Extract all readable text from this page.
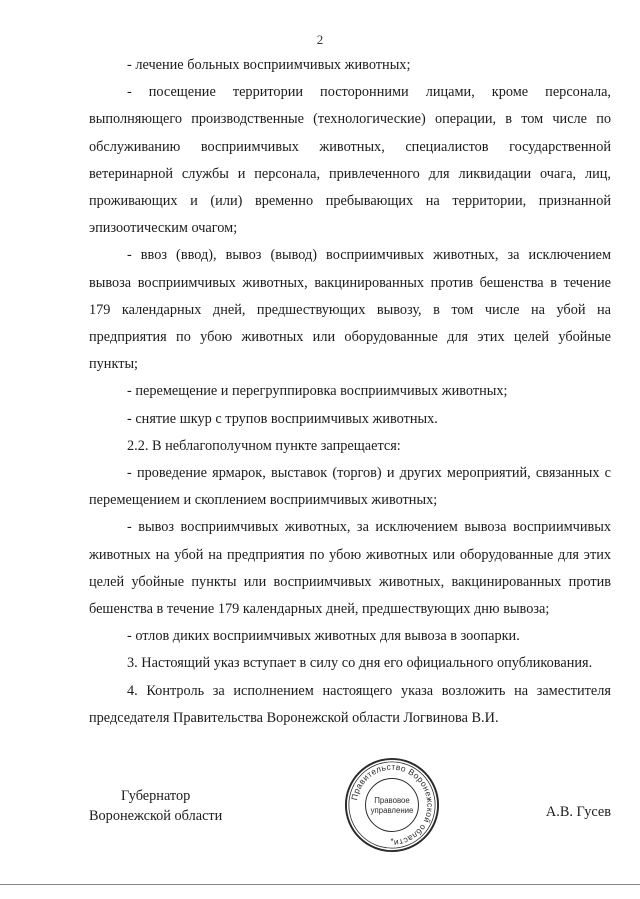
2

- лечение больных восприимчивых животных;

- посещение территории посторонними лицами, кроме персонала, выполняющего производственные (технологические) операции, в том числе по обслуживанию восприимчивых животных, специалистов государственной ветеринарной службы и персонала, привлеченного для ликвидации очага, лиц, проживающих и (или) временно пребывающих на территории, признанной эпизоотическим очагом;

- ввоз (ввод), вывоз (вывод) восприимчивых животных, за исключением вывоза восприимчивых животных, вакцинированных против бешенства в течение 179 календарных дней, предшествующих вывозу, в том числе на убой на предприятия по убою животных или оборудованные для этих целей убойные пункты;

- перемещение и перегруппировка восприимчивых животных;

- снятие шкур с трупов восприимчивых животных.

2.2. В неблагополучном пункте запрещается:

- проведение ярмарок, выставок (торгов) и других мероприятий, связанных с перемещением и скоплением восприимчивых животных;

- вывоз восприимчивых животных, за исключением вывоза восприимчивых животных на убой на предприятия по убою животных или оборудованные для этих целей убойные пункты или восприимчивых животных, вакцинированных против бешенства в течение 179 календарных дней, предшествующих дню вывоза;

- отлов диких восприимчивых животных для вывоза в зоопарки.

3. Настоящий указ вступает в силу со дня его официального опубликования.

4. Контроль за исполнением настоящего указа возложить на заместителя председателя Правительства Воронежской области Логвинова В.И.

Губернатор
Воронежской области
Правительство Воронежской области
Правовое
управление
*
А.В. Гусев
